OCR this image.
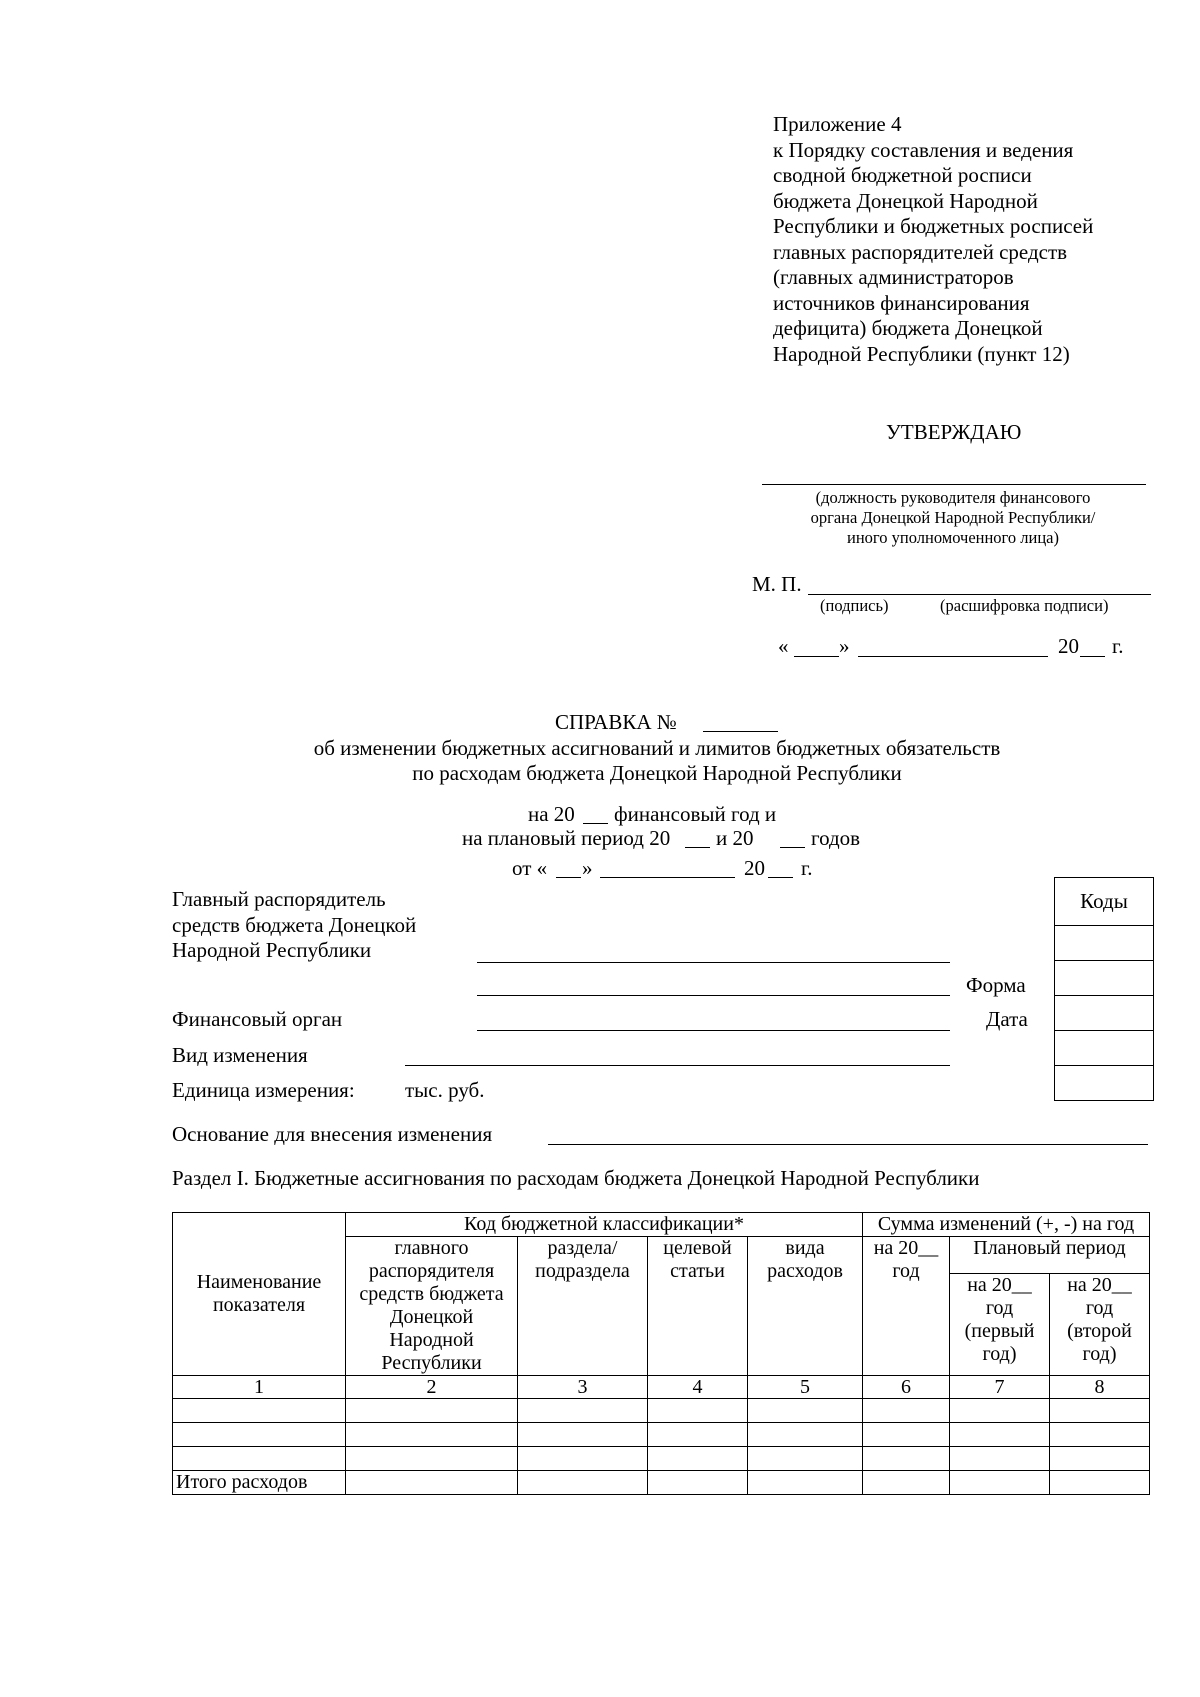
Приложение 4
к Порядку составления и ведения
сводной бюджетной росписи
бюджета Донецкой Народной
Республики и бюджетных росписей
главных распорядителей средств
(главных администраторов
источников финансирования
дефицита) бюджета Донецкой
Народной Республики (пункт 12)
УТВЕРЖДАЮ
(должность руководителя финансового
органа Донецкой Народной Республики/
иного уполномоченного лица)
М. П.
(подпись)	(расшифровка подписи)
« »	20 г.
СПРАВКА №
об изменении бюджетных ассигнований и лимитов бюджетных обязательств
по расходам бюджета Донецкой Народной Республики
на 20 финансовый год и
на плановый период 20 и 20	годов
от « »	20 г.
Главный распорядитель
средств бюджета Донецкой
Народной Республики
Форма
Финансовый орган	Дата
Вид изменения
Единица измерения: тыс. руб.
Коды

Основание для внесения изменения
Раздел I. Бюджетные ассигнования по расходам бюджета Донецкой Народной Республики
Наименование показателя	Код бюджетной классификации*				Сумма изменений (+, -) на год		
	главного распорядителя средств бюджета Донецкой Народной Республики	раздела/ подраздела	целевой статьи	вида расходов			
					на 20__ год	Плановый период	
						на 20__ год (первый год)	на 20__ год (второй год)
1	2	3	4	5	6	7	8

Итого расходов							
